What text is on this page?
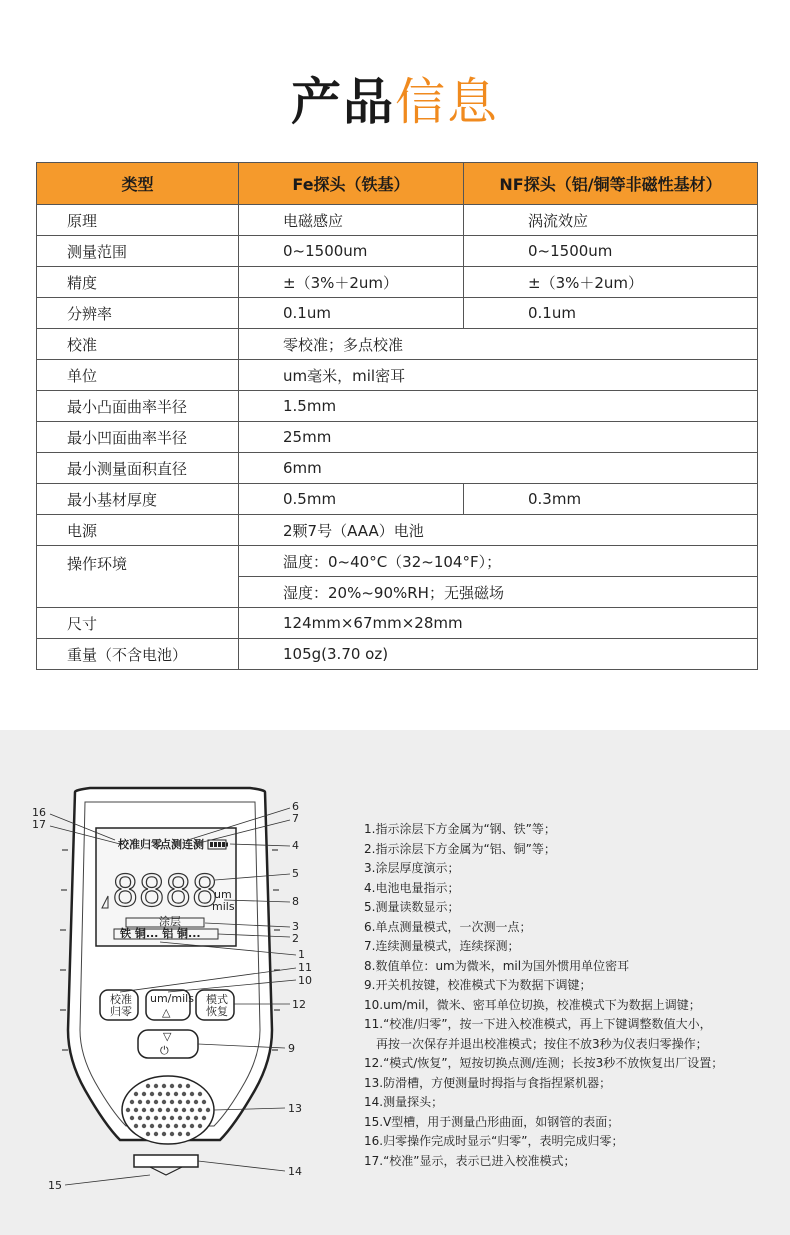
产品信息
类型	Fe探头（铁基）	NF探头（铝/铜等非磁性基材）
原理	电磁感应	涡流效应
测量范围	0~1500um	0~1500um
精度	±（3%＋2um）	±（3%＋2um）
分辨率	0.1um	0.1um
校准	零校准；多点校准	
单位	um毫米，mil密耳	
最小凸面曲率半径	1.5mm	
最小凹面曲率半径	25mm	
最小测量面积直径	6mm	
最小基材厚度	0.5mm	0.3mm
电源	2颗7号（AAA）电池	
操作环境	温度：0~40°C（32~104°F）；	
	湿度：20%~90%RH；无强磁场	
尺寸	124mm×67mm×28mm	
重量（不含电池）	105g(3.70 oz)	
校准归零
点测连测
8888
um
mils
涂层
铁 铜... 铝 铜...
校准
归零
um/mils
△
模式
恢复
▽
⏻
16
17
6
7
4
5
8
3
2
1
11
10
12
9
13
14
15
1.指示涂层下方金属为“钢、铁”等；
2.指示涂层下方金属为“铝、铜”等；
3.涂层厚度演示；
4.电池电量指示；
5.测量读数显示；
6.单点测量模式，一次测一点；
7.连续测量模式，连续探测；
8.数值单位：um为微米，mil为国外惯用单位密耳
9.开关机按键，校准模式下为数据下调键；
10.um/mil，微米、密耳单位切换，校准模式下为数据上调键；
11.“校准/归零”，按一下进入校准模式，再上下键调整数值大小，
再按一次保存并退出校准模式；按住不放3秒为仪表归零操作；
12.“模式/恢复”，短按切换点测/连测；长按3秒不放恢复出厂设置；
13.防滑槽，方便测量时拇指与食指捏紧机器；
14.测量探头；
15.V型槽，用于测量凸形曲面，如钢管的表面；
16.归零操作完成时显示“归零”，表明完成归零；
17.“校准”显示，表示已进入校准模式；
